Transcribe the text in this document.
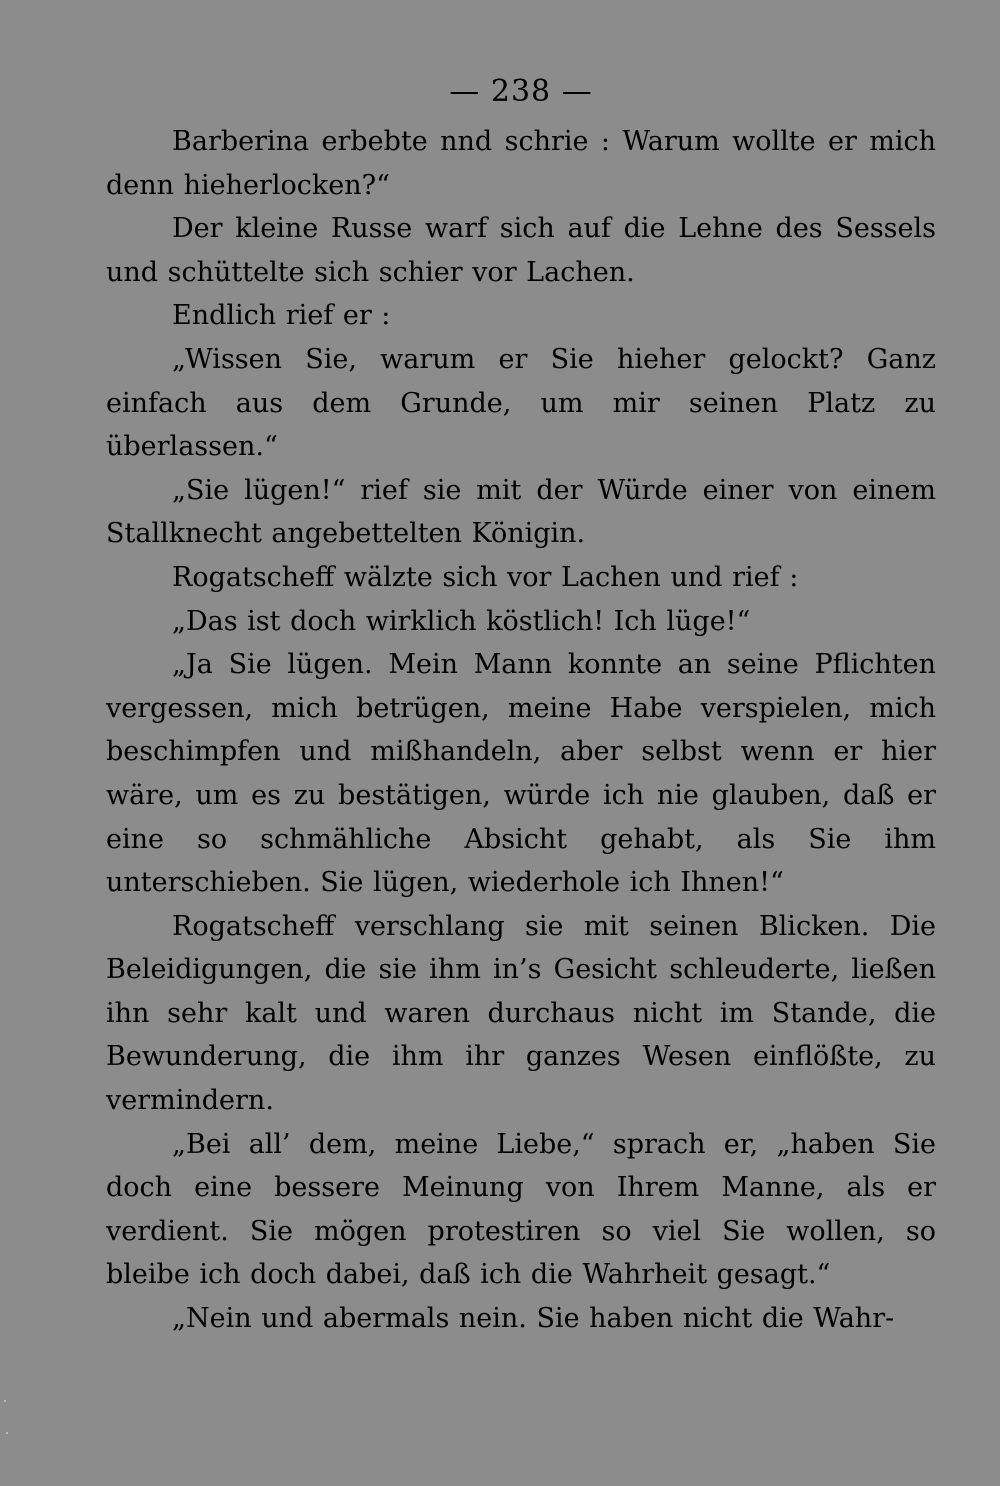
— 238 —

Barberina erbebte nnd schrie : Warum wollte er mich denn hieherlocken?“

Der kleine Russe warf sich auf die Lehne des Sessels und schüttelte sich schier vor Lachen.

Endlich rief er :

„Wissen Sie, warum er Sie hieher gelockt? Ganz einfach aus dem Grunde, um mir seinen Platz zu überlassen.“

„Sie lügen!“ rief sie mit der Würde einer von einem Stallknecht angebettelten Königin.

Rogatscheff wälzte sich vor Lachen und rief :

„Das ist doch wirklich köstlich! Ich lüge!“

„Ja Sie lügen. Mein Mann konnte an seine Pflichten vergessen, mich betrügen, meine Habe verspielen, mich beschimpfen und mißhandeln, aber selbst wenn er hier wäre, um es zu bestätigen, würde ich nie glauben, daß er eine so schmähliche Absicht gehabt, als Sie ihm unterschieben. Sie lügen, wiederhole ich Ihnen!“

Rogatscheff verschlang sie mit seinen Blicken. Die Beleidigungen, die sie ihm in’s Gesicht schleuderte, ließen ihn sehr kalt und waren durchaus nicht im Stande, die Bewunderung, die ihm ihr ganzes Wesen einflößte, zu vermindern.

„Bei all’ dem, meine Liebe,“ sprach er, „haben Sie doch eine bessere Meinung von Ihrem Manne, als er verdient. Sie mögen protestiren so viel Sie wollen, so bleibe ich doch dabei, daß ich die Wahrheit gesagt.“

„Nein und abermals nein. Sie haben nicht die Wahr-
